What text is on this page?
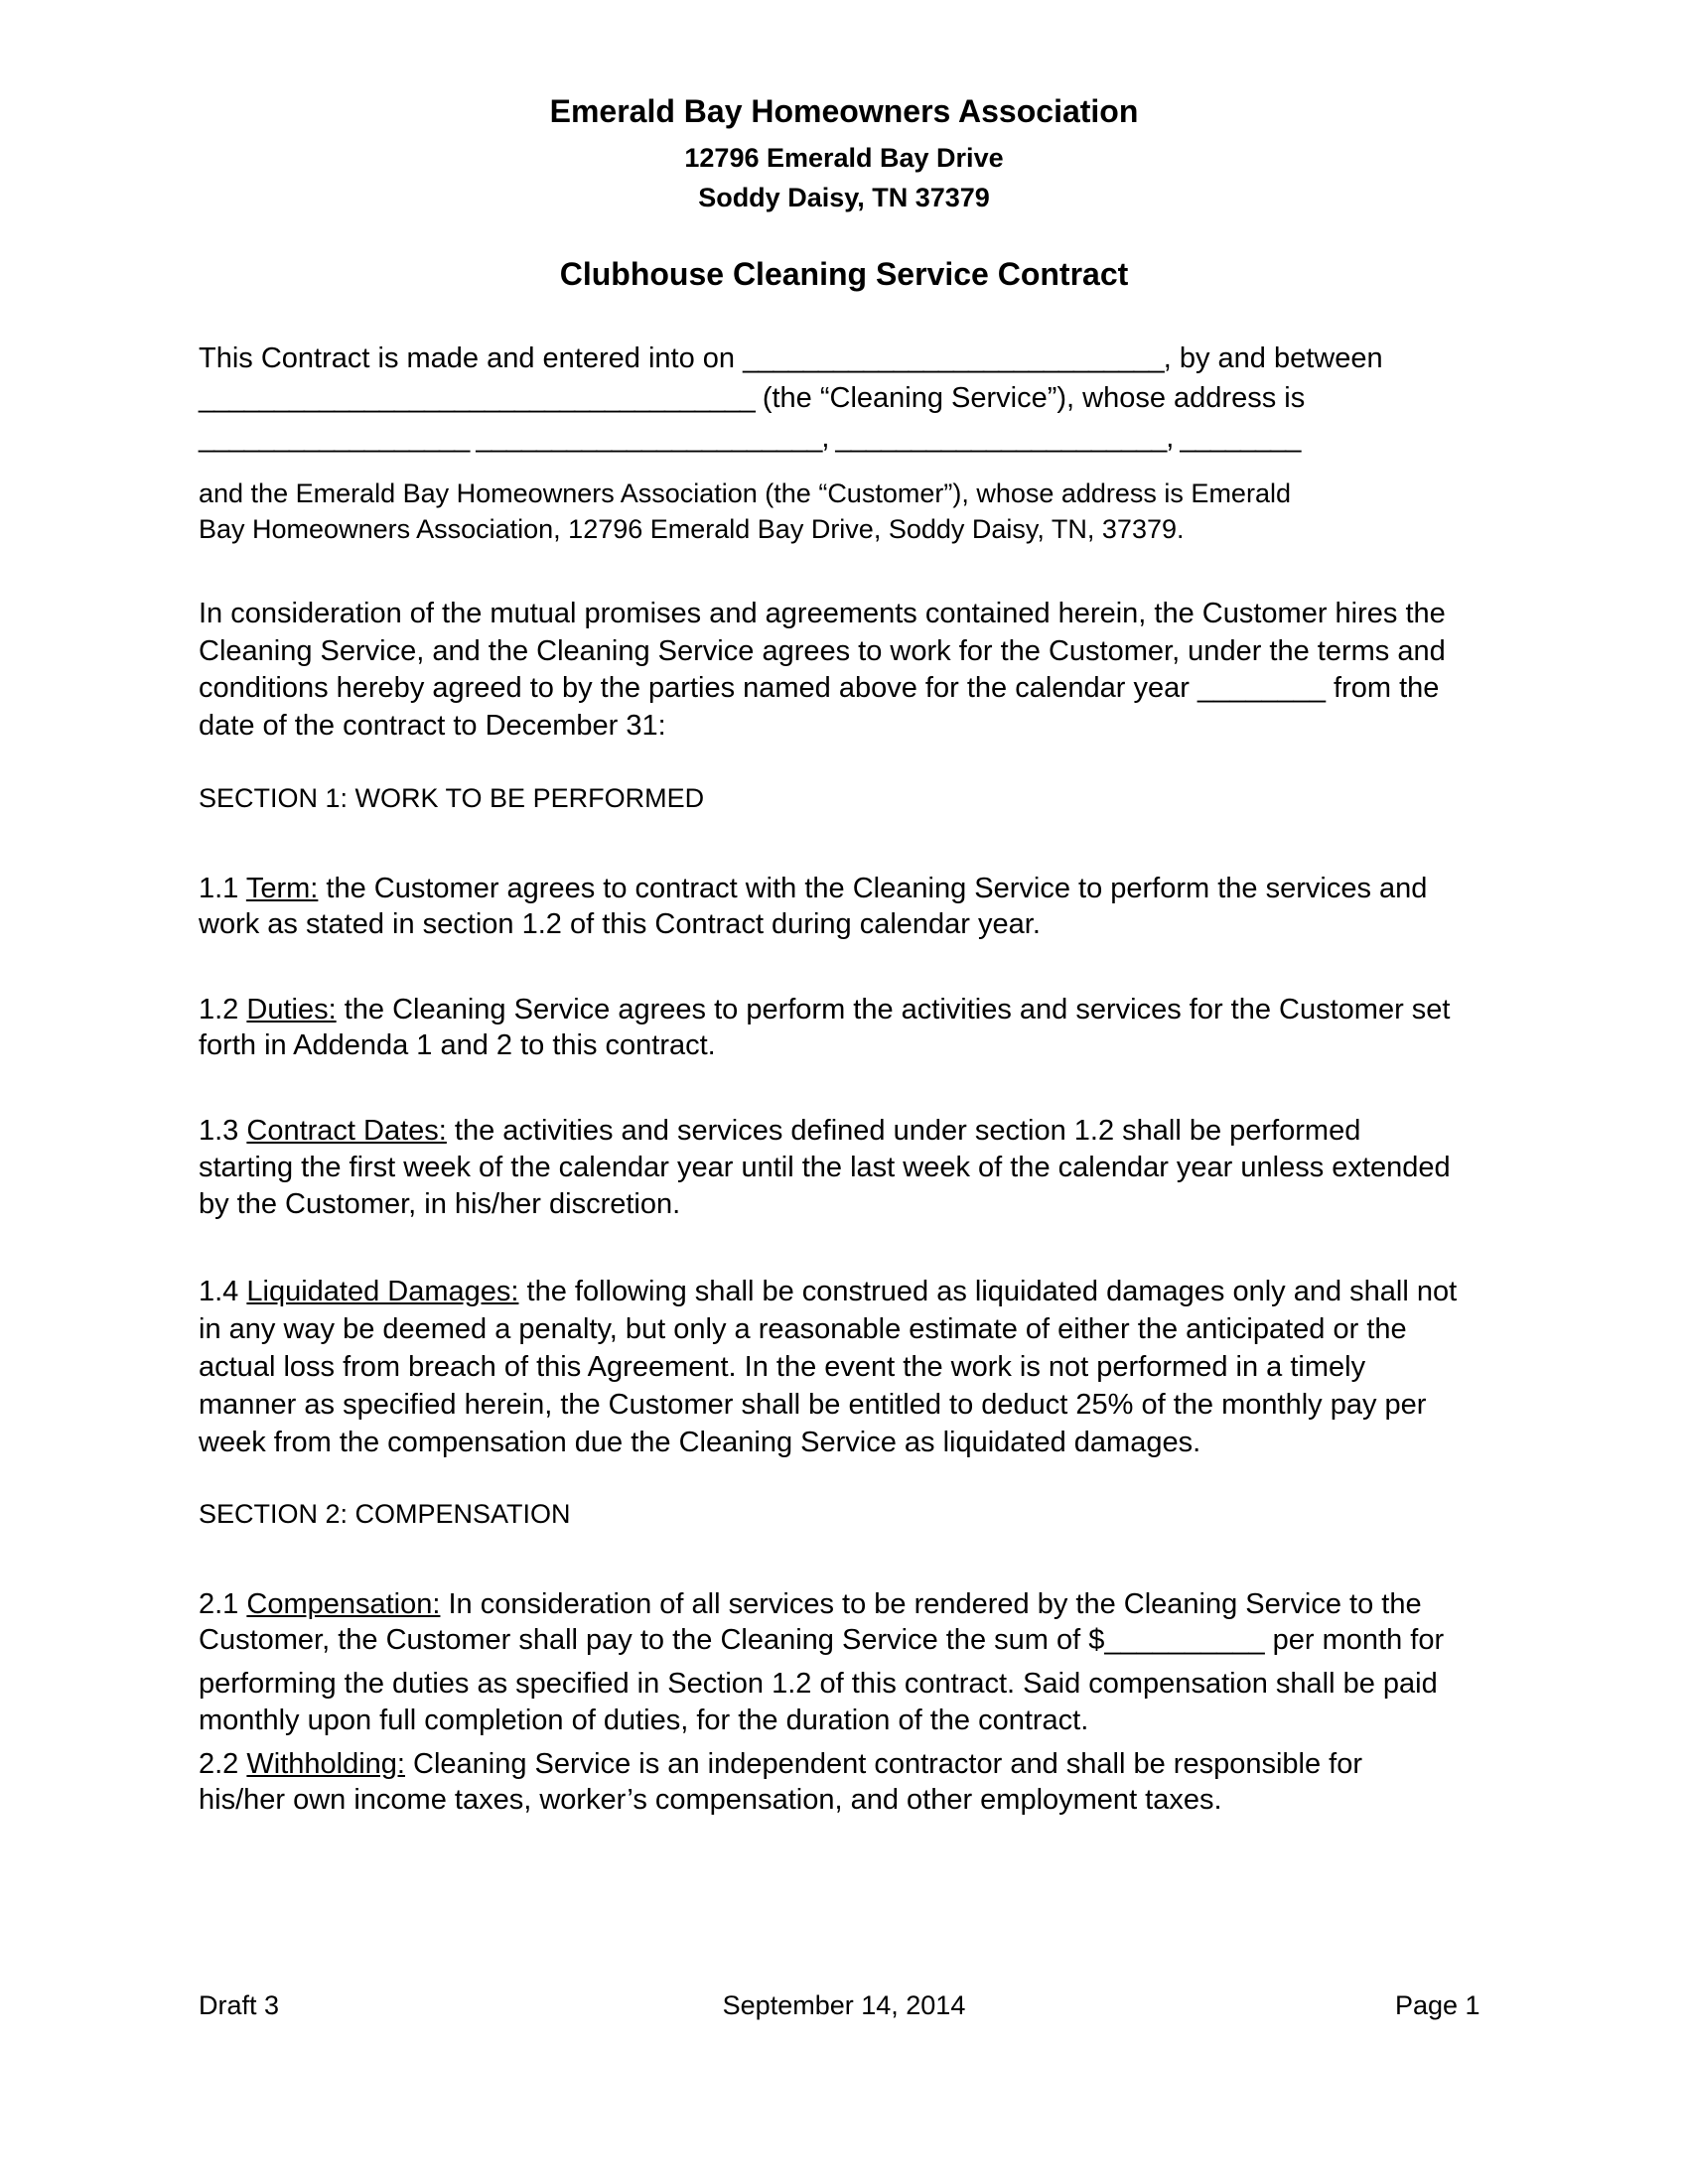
Emerald Bay Homeowners Association
12796 Emerald Bay Drive
Soddy Daisy, TN 37379
Clubhouse Cleaning Service Contract
This Contract is made and entered into on ____________________________, by and between
_____________________________________ (the “Cleaning Service”), whose address is
__________________ _______________________, ______________________, ________
and the Emerald Bay Homeowners Association (the “Customer”), whose address is Emerald
Bay Homeowners Association, 12796 Emerald Bay Drive, Soddy Daisy, TN, 37379.
In consideration of the mutual promises and agreements contained herein, the Customer hires the
Cleaning Service, and the Cleaning Service agrees to work for the Customer, under the terms and
conditions hereby agreed to by the parties named above for the calendar year ________ from the
date of the contract to December 31:
SECTION 1: WORK TO BE PERFORMED
1.1 Term: the Customer agrees to contract with the Cleaning Service to perform the services and
work as stated in section 1.2 of this Contract during calendar year.
1.2 Duties: the Cleaning Service agrees to perform the activities and services for the Customer set
forth in Addenda 1 and 2 to this contract.
1.3 Contract Dates: the activities and services defined under section 1.2 shall be performed
starting the first week of the calendar year until the last week of the calendar year unless extended
by the Customer, in his/her discretion.
1.4 Liquidated Damages: the following shall be construed as liquidated damages only and shall not
in any way be deemed a penalty, but only a reasonable estimate of either the anticipated or the
actual loss from breach of this Agreement. In the event the work is not performed in a timely
manner as specified herein, the Customer shall be entitled to deduct 25% of the monthly pay per
week from the compensation due the Cleaning Service as liquidated damages.
SECTION 2: COMPENSATION
2.1 Compensation: In consideration of all services to be rendered by the Cleaning Service to the
Customer, the Customer shall pay to the Cleaning Service the sum of $__________ per month for
performing the duties as specified in Section 1.2 of this contract. Said compensation shall be paid
monthly upon full completion of duties, for the duration of the contract.
2.2 Withholding: Cleaning Service is an independent contractor and shall be responsible for
his/her own income taxes, worker’s compensation, and other employment taxes.
Draft 3	September 14, 2014	Page 1
